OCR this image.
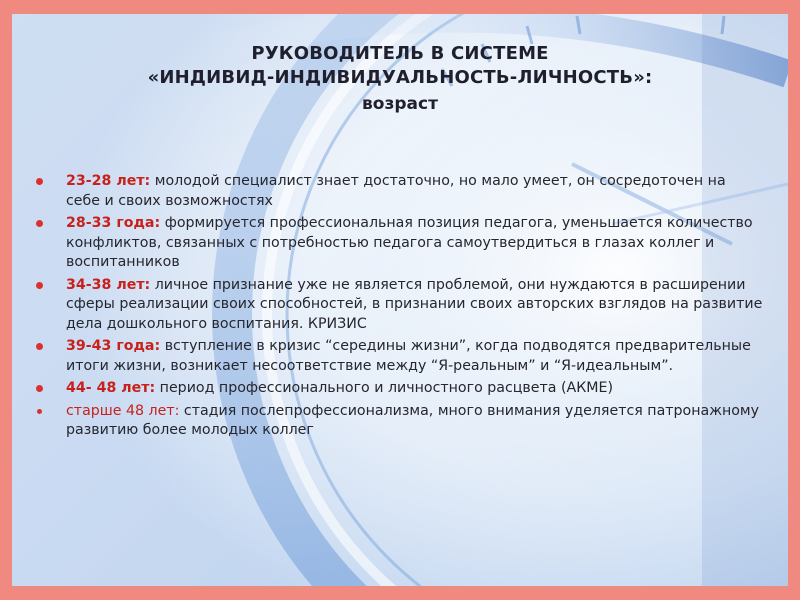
РУКОВОДИТЕЛЬ В СИСТЕМЕ
«ИНДИВИД-ИНДИВИДУАЛЬНОСТЬ-ЛИЧНОСТЬ»:
возраст
23-28 лет: молодой специалист знает достаточно, но мало умеет, он сосредоточен на себе и своих возможностях
28-33 года: формируется профессиональная позиция педагога, уменьшается количество конфликтов, связанных с потребностью педагога самоутвердиться в глазах коллег и воспитанников
34-38 лет: личное признание уже не является проблемой, они нуждаются в расширении сферы реализации своих способностей, в признании своих авторских взглядов на развитие дела дошкольного воспитания. КРИЗИС
39-43 года: вступление в кризис “середины жизни”, когда подводятся предварительные итоги жизни, возникает несоответствие между “Я-реальным” и “Я-идеальным”.
44- 48 лет: период профессионального и личностного расцвета (АКМЕ)
старше 48 лет: стадия послепрофессионализма, много внимания уделяется патронажному развитию более молодых коллег
